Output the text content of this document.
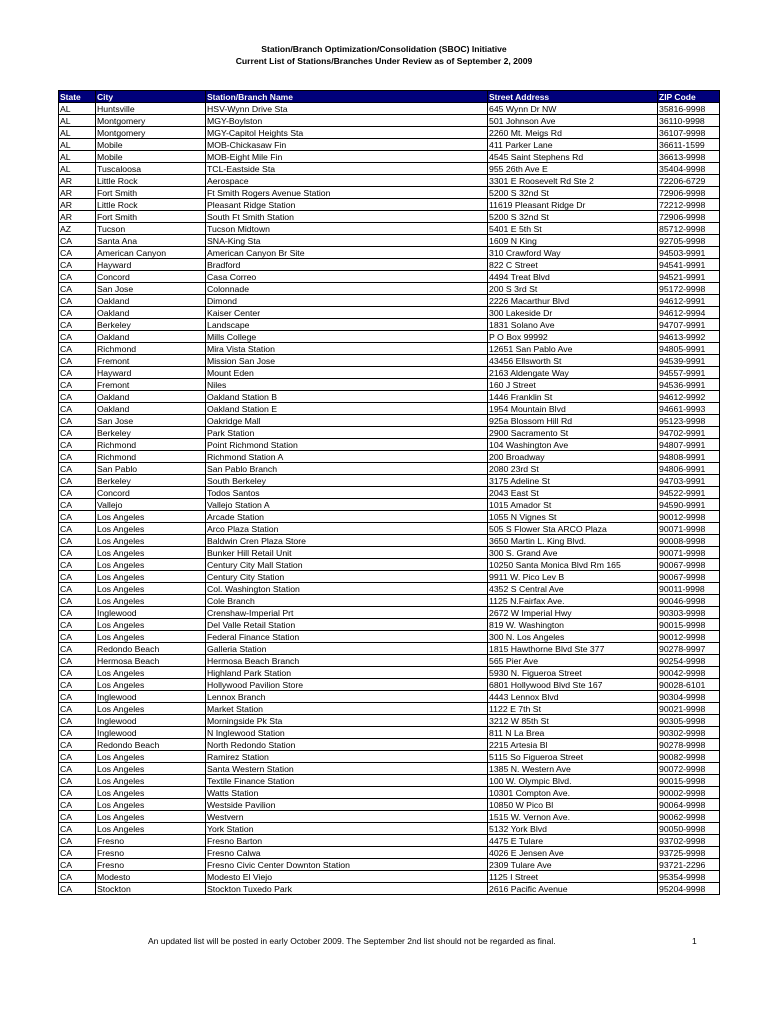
Station/Branch Optimization/Consolidation (SBOC) Initiative
Current List of Stations/Branches Under Review as of September 2, 2009
State	City	Station/Branch Name	Street Address	ZIP Code
AL	Huntsville	HSV-Wynn Drive Sta	645 Wynn Dr NW	35816-9998
AL	Montgomery	MGY-Boylston	501 Johnson Ave	36110-9998
AL	Montgomery	MGY-Capitol Heights Sta	2260 Mt. Meigs Rd	36107-9998
AL	Mobile	MOB-Chickasaw Fin	411 Parker Lane	36611-1599
AL	Mobile	MOB-Eight Mile Fin	4545 Saint Stephens Rd	36613-9998
AL	Tuscaloosa	TCL-Eastside Sta	955 26th Ave E	35404-9998
AR	Little Rock	Aerospace	3301 E Roosevelt Rd Ste 2	72206-6729
AR	Fort Smith	Ft Smith Rogers Avenue Station	5200 S 32nd St	72906-9998
AR	Little Rock	Pleasant Ridge Station	11619 Pleasant Ridge Dr	72212-9998
AR	Fort Smith	South Ft Smith Station	5200 S 32nd St	72906-9998
AZ	Tucson	Tucson Midtown	5401 E 5th St	85712-9998
CA	Santa Ana	SNA-King Sta	1609 N King	92705-9998
CA	American Canyon	American Canyon Br Site	310 Crawford Way	94503-9991
CA	Hayward	Bradford	822 C Street	94541-9991
CA	Concord	Casa Correo	4494 Treat Blvd	94521-9991
CA	San Jose	Colonnade	200 S 3rd St	95172-9998
CA	Oakland	Dimond	2226 Macarthur Blvd	94612-9991
CA	Oakland	Kaiser Center	300 Lakeside Dr	94612-9994
CA	Berkeley	Landscape	1831 Solano Ave	94707-9991
CA	Oakland	Mills College	P O Box 99992	94613-9992
CA	Richmond	Mira Vista Station	12651 San Pablo Ave	94805-9991
CA	Fremont	Mission San Jose	43456 Ellsworth St	94539-9991
CA	Hayward	Mount Eden	2163 Aldengate Way	94557-9991
CA	Fremont	Niles	160 J Street	94536-9991
CA	Oakland	Oakland Station B	1446 Franklin St	94612-9992
CA	Oakland	Oakland Station E	1954 Mountain Blvd	94661-9993
CA	San Jose	Oakridge Mall	925a Blossom Hill Rd	95123-9998
CA	Berkeley	Park Station	2900 Sacramento St	94702-9991
CA	Richmond	Point Richmond Station	104 Washington Ave	94807-9991
CA	Richmond	Richmond Station A	200 Broadway	94808-9991
CA	San Pablo	San Pablo Branch	2080 23rd St	94806-9991
CA	Berkeley	South Berkeley	3175 Adeline St	94703-9991
CA	Concord	Todos Santos	2043 East St	94522-9991
CA	Vallejo	Vallejo Station A	1015 Amador St	94590-9991
CA	Los Angeles	Arcade Station	1055 N Vignes St	90012-9998
CA	Los Angeles	Arco Plaza Station	505 S Flower Sta ARCO Plaza	90071-9998
CA	Los Angeles	Baldwin Cren Plaza Store	3650 Martin L. King Blvd.	90008-9998
CA	Los Angeles	Bunker Hill Retail Unit	300 S. Grand Ave	90071-9998
CA	Los Angeles	Century City Mall Station	10250 Santa Monica Blvd Rm 165	90067-9998
CA	Los Angeles	Century City Station	9911 W. Pico Lev B	90067-9998
CA	Los Angeles	Col. Washington Station	4352 S Central Ave	90011-9998
CA	Los Angeles	Cole Branch	1125 N.Fairfax Ave.	90046-9998
CA	Inglewood	Crenshaw-Imperial Prt	2672 W Imperial Hwy	90303-9998
CA	Los Angeles	Del Valle Retail Station	819 W. Washington	90015-9998
CA	Los Angeles	Federal Finance Station	300 N. Los Angeles	90012-9998
CA	Redondo Beach	Galleria Station	1815 Hawthorne Blvd Ste 377	90278-9997
CA	Hermosa Beach	Hermosa Beach Branch	565 Pier Ave	90254-9998
CA	Los Angeles	Highland Park Station	5930 N. Figueroa Street	90042-9998
CA	Los Angeles	Hollywood Pavilion Store	6801 Hollywood Blvd Ste 167	90028-6101
CA	Inglewood	Lennox Branch	4443 Lennox Blvd	90304-9998
CA	Los Angeles	Market Station	1122 E 7th St	90021-9998
CA	Inglewood	Morningside Pk Sta	3212 W 85th St	90305-9998
CA	Inglewood	N Inglewood Station	811 N La Brea	90302-9998
CA	Redondo Beach	North Redondo Station	2215 Artesia Bl	90278-9998
CA	Los Angeles	Ramirez Station	5115 So Figueroa Street	90082-9998
CA	Los Angeles	Santa Western Station	1385 N. Western Ave	90072-9998
CA	Los Angeles	Textile Finance Station	100 W. Olympic Blvd.	90015-9998
CA	Los Angeles	Watts Station	10301 Compton Ave.	90002-9998
CA	Los Angeles	Westside Pavilion	10850 W Pico Bl	90064-9998
CA	Los Angeles	Westvern	1515 W. Vernon Ave.	90062-9998
CA	Los Angeles	York Station	5132 York Blvd	90050-9998
CA	Fresno	Fresno Barton	4475 E Tulare	93702-9998
CA	Fresno	Fresno Calwa	4026 E Jensen Ave	93725-9998
CA	Fresno	Fresno Civic Center Downton Station	2309 Tulare Ave	93721-2296
CA	Modesto	Modesto El Viejo	1125 I Street	95354-9998
CA	Stockton	Stockton Tuxedo Park	2616 Pacific Avenue	95204-9998
An updated list will be posted in early October 2009. The September 2nd list should not be regarded as final.	1
